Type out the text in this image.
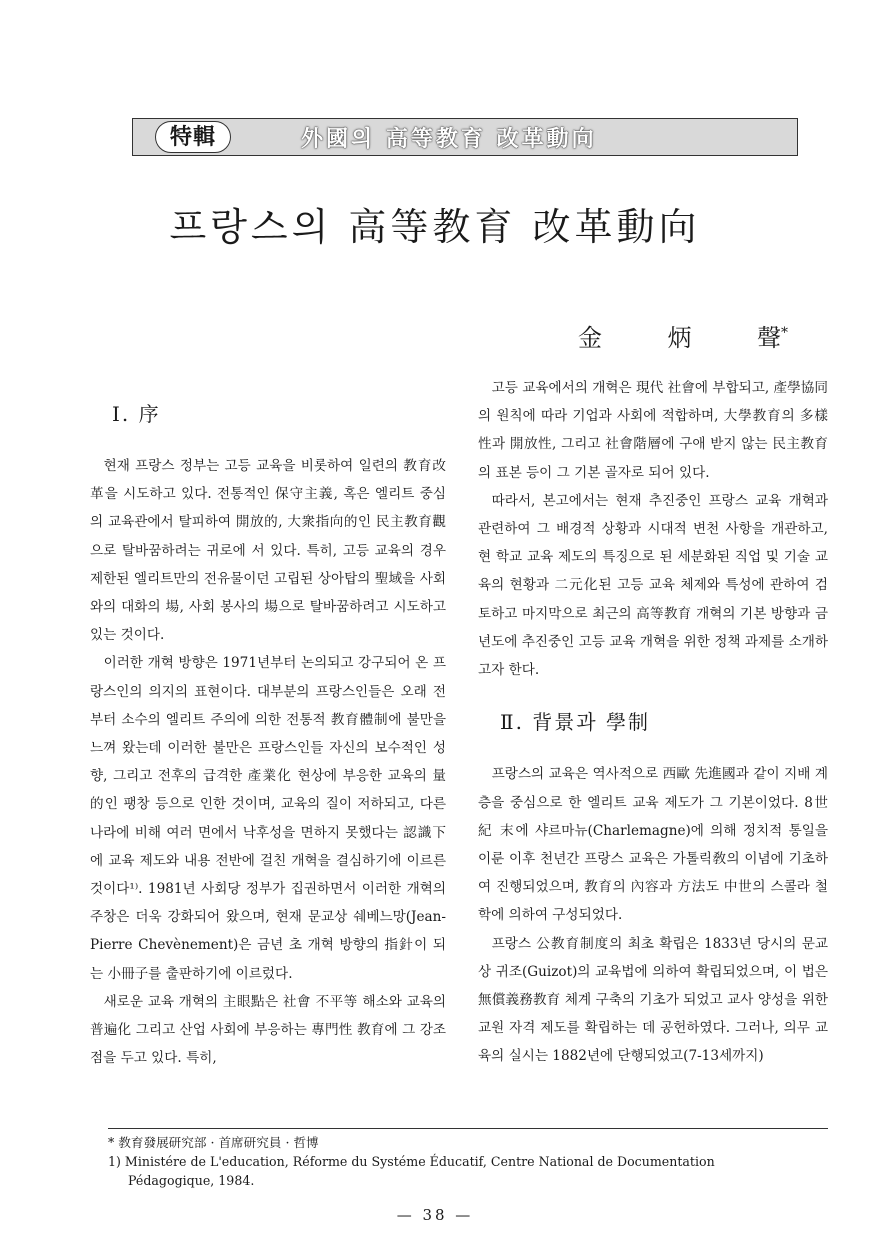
特輯	外國의 高等教育 改革動向
프랑스의 高等教育 改革動向
金	炳	聲*
Ⅰ. 序

현재 프랑스 정부는 고등 교육을 비롯하여 일련의 教育改革을 시도하고 있다. 전통적인 保守主義, 혹은 엘리트 중심의 교육관에서 탈피하여 開放的, 大衆指向的인 民主教育觀으로 탈바꿈하려는 귀로에 서 있다. 특히, 고등 교육의 경우 제한된 엘리트만의 전유물이던 고립된 상아탑의 聖域을 사회와의 대화의 場, 사회 봉사의 場으로 탈바꿈하려고 시도하고 있는 것이다.

이러한 개혁 방향은 1971년부터 논의되고 강구되어 온 프랑스인의 의지의 표현이다. 대부분의 프랑스인들은 오래 전부터 소수의 엘리트 주의에 의한 전통적 教育體制에 불만을 느껴 왔는데 이러한 불만은 프랑스인들 자신의 보수적인 성향, 그리고 전후의 급격한 產業化 현상에 부응한 교육의 量的인 팽창 등으로 인한 것이며, 교육의 질이 저하되고, 다른 나라에 비해 여러 면에서 낙후성을 면하지 못했다는 認識下에 교육 제도와 내용 전반에 걸친 개혁을 결심하기에 이르른 것이다¹⁾. 1981년 사회당 정부가 집권하면서 이러한 개혁의 주창은 더욱 강화되어 왔으며, 현재 문교상 쉐베느망(Jean-Pierre Chevènement)은 금년 초 개혁 방향의 指針이 되는 小冊子를 출판하기에 이르렀다.

새로운 교육 개혁의 主眼點은 社會 不平等 해소와 교육의 普遍化 그리고 산업 사회에 부응하는 專門性 教育에 그 강조점을 두고 있다. 특히,

고등 교육에서의 개혁은 現代 社會에 부합되고, 產學協同의 원칙에 따라 기업과 사회에 적합하며, 大學教育의 多樣性과 開放性, 그리고 社會階層에 구애 받지 않는 民主教育의 표본 등이 그 기본 골자로 되어 있다.

따라서, 본고에서는 현재 추진중인 프랑스 교육 개혁과 관련하여 그 배경적 상황과 시대적 변천 사항을 개관하고, 현 학교 교육 제도의 특징으로 된 세분화된 직업 및 기술 교육의 현황과 二元化된 고등 교육 체제와 특성에 관하여 검토하고 마지막으로 최근의 高等教育 개혁의 기본 방향과 금년도에 추진중인 고등 교육 개혁을 위한 정책 과제를 소개하고자 한다.

Ⅱ. 背景과 學制

프랑스의 교육은 역사적으로 西歐 先進國과 같이 지배 계층을 중심으로 한 엘리트 교육 제도가 그 기본이었다. 8世紀 末에 샤르마뉴(Charlemagne)에 의해 정치적 통일을 이룬 이후 천년간 프랑스 교육은 가톨릭敎의 이념에 기초하여 진행되었으며, 教育의 內容과 方法도 中世의 스콜라 철학에 의하여 구성되었다.

프랑스 公教育制度의 최초 확립은 1833년 당시의 문교상 귀조(Guizot)의 교육법에 의하여 확립되었으며, 이 법은 無償義務教育 체계 구축의 기초가 되었고 교사 양성을 위한 교원 자격 제도를 확립하는 데 공헌하였다. 그러나, 의무 교육의 실시는 1882년에 단행되었고(7-13세까지)

* 教育發展研究部 · 首席研究員 · 哲博

1) Ministére de L'education, Réforme du Systéme Éducatif, Centre National de Documentation

Pédagogique, 1984.

— 38 —
